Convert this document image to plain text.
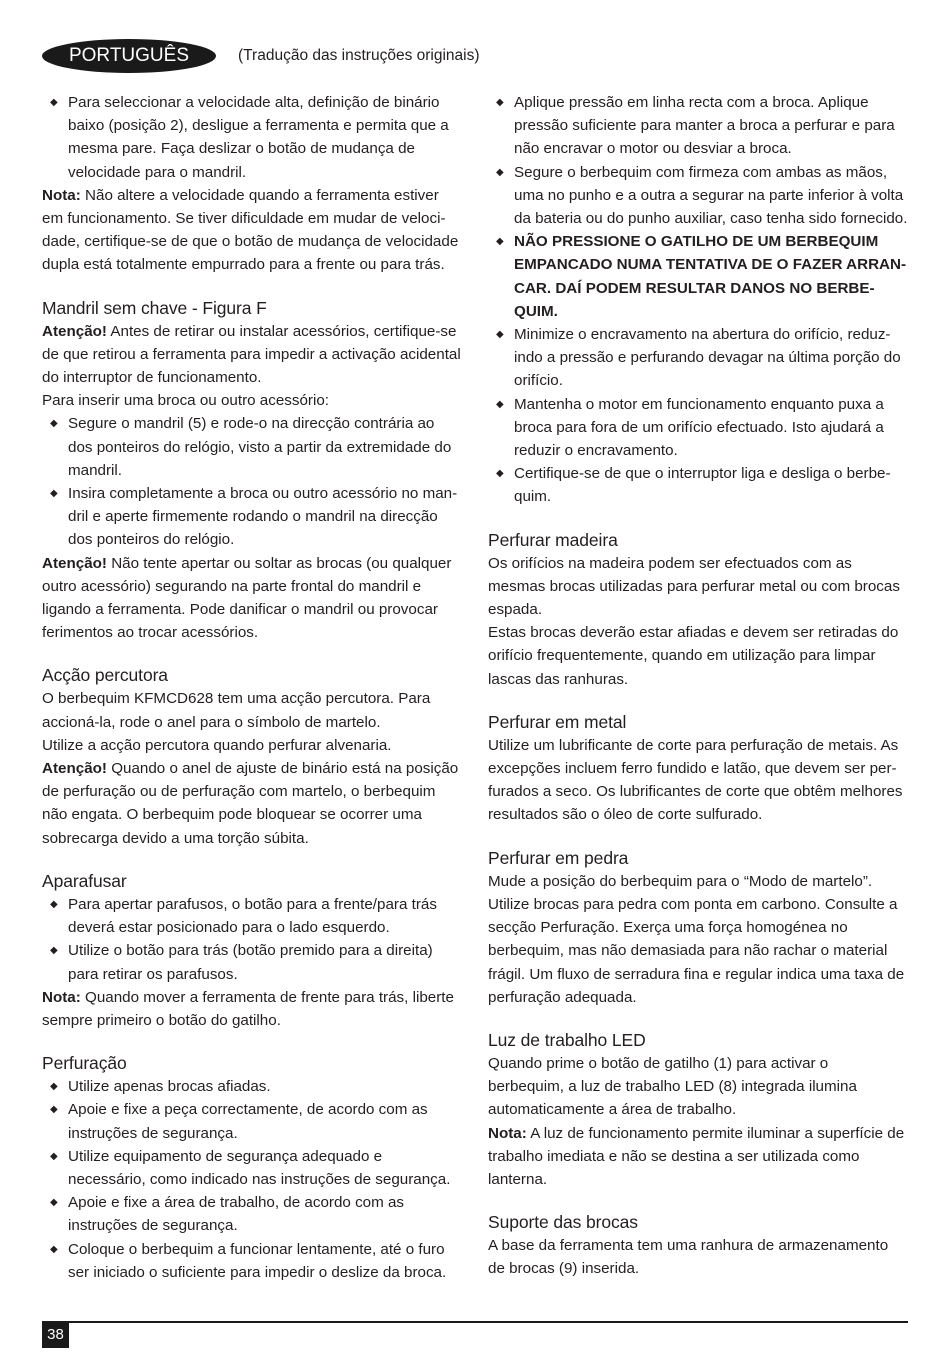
PORTUGUÊS	(Tradução das instruções originais)
◆ Para seleccionar a velocidade alta, definição de binário baixo (posição 2), desligue a ferramenta e permita que a mesma pare. Faça deslizar o botão de mudança de velocidade para o mandril.

Nota: Não altere a velocidade quando a ferramenta estiver em funcionamento. Se tiver dificuldade em mudar de veloci-dade, certifique-se de que o botão de mudança de velocidade dupla está totalmente empurrado para a frente ou para trás.

Mandril sem chave - Figura F

Atenção! Antes de retirar ou instalar acessórios, certifique-se de que retirou a ferramenta para impedir a activação acidental do interruptor de funcionamento.

Para inserir uma broca ou outro acessório:

◆ Segure o mandril (5) e rode-o na direcção contrária ao dos ponteiros do relógio, visto a partir da extremidade do mandril.
◆ Insira completamente a broca ou outro acessório no man-dril e aperte firmemente rodando o mandril na direcção dos ponteiros do relógio.

Atenção! Não tente apertar ou soltar as brocas (ou qualquer outro acessório) segurando na parte frontal do mandril e ligando a ferramenta. Pode danificar o mandril ou provocar ferimentos ao trocar acessórios.

Acção percutora

O berbequim KFMCD628 tem uma acção percutora. Para accioná-la, rode o anel para o símbolo de martelo.

Utilize a acção percutora quando perfurar alvenaria.

Atenção! Quando o anel de ajuste de binário está na posição de perfuração ou de perfuração com martelo, o berbequim não engata. O berbequim pode bloquear se ocorrer uma sobrecarga devido a uma torção súbita.

Aparafusar
◆ Para apertar parafusos, o botão para a frente/para trás deverá estar posicionado para o lado esquerdo.
◆ Utilize o botão para trás (botão premido para a direita) para retirar os parafusos.

Nota: Quando mover a ferramenta de frente para trás, liberte sempre primeiro o botão do gatilho.

Perfuração
◆ Utilize apenas brocas afiadas.
◆ Apoie e fixe a peça correctamente, de acordo com as instruções de segurança.
◆ Utilize equipamento de segurança adequado e necessário, como indicado nas instruções de segurança.
◆ Apoie e fixe a área de trabalho, de acordo com as instruções de segurança.
◆ Coloque o berbequim a funcionar lentamente, até o furo ser iniciado o suficiente para impedir o deslize da broca.
◆ Aplique pressão em linha recta com a broca. Aplique pressão suficiente para manter a broca a perfurar e para não encravar o motor ou desviar a broca.
◆ Segure o berbequim com firmeza com ambas as mãos, uma no punho e a outra a segurar na parte inferior à volta da bateria ou do punho auxiliar, caso tenha sido fornecido.
◆ NÃO PRESSIONE O GATILHO DE UM BERBEQUIM EMPANCADO NUMA TENTATIVA DE O FAZER ARRAN-CAR. DAÍ PODEM RESULTAR DANOS NO BERBE-QUIM.
◆ Minimize o encravamento na abertura do orifício, reduz-indo a pressão e perfurando devagar na última porção do orifício.
◆ Mantenha o motor em funcionamento enquanto puxa a broca para fora de um orifício efectuado. Isto ajudará a reduzir o encravamento.
◆ Certifique-se de que o interruptor liga e desliga o berbe-quim.
Perfurar madeira

Os orifícios na madeira podem ser efectuados com as mesmas brocas utilizadas para perfurar metal ou com brocas espada.

Estas brocas deverão estar afiadas e devem ser retiradas do orifício frequentemente, quando em utilização para limpar lascas das ranhuras.

Perfurar em metal

Utilize um lubrificante de corte para perfuração de metais. As excepções incluem ferro fundido e latão, que devem ser per-furados a seco. Os lubrificantes de corte que obtêm melhores resultados são o óleo de corte sulfurado.

Perfurar em pedra

Mude a posição do berbequim para o “Modo de martelo”. Utilize brocas para pedra com ponta em carbono. Consulte a secção Perfuração. Exerça uma força homogénea no berbequim, mas não demasiada para não rachar o material frágil. Um fluxo de serradura fina e regular indica uma taxa de perfuração adequada.

Luz de trabalho LED

Quando prime o botão de gatilho (1) para activar o berbequim, a luz de trabalho LED (8) integrada ilumina automaticamente a área de trabalho.

Nota: A luz de funcionamento permite iluminar a superfície de trabalho imediata e não se destina a ser utilizada como lanterna.

Suporte das brocas

A base da ferramenta tem uma ranhura de armazenamento de brocas (9) inserida.

38
